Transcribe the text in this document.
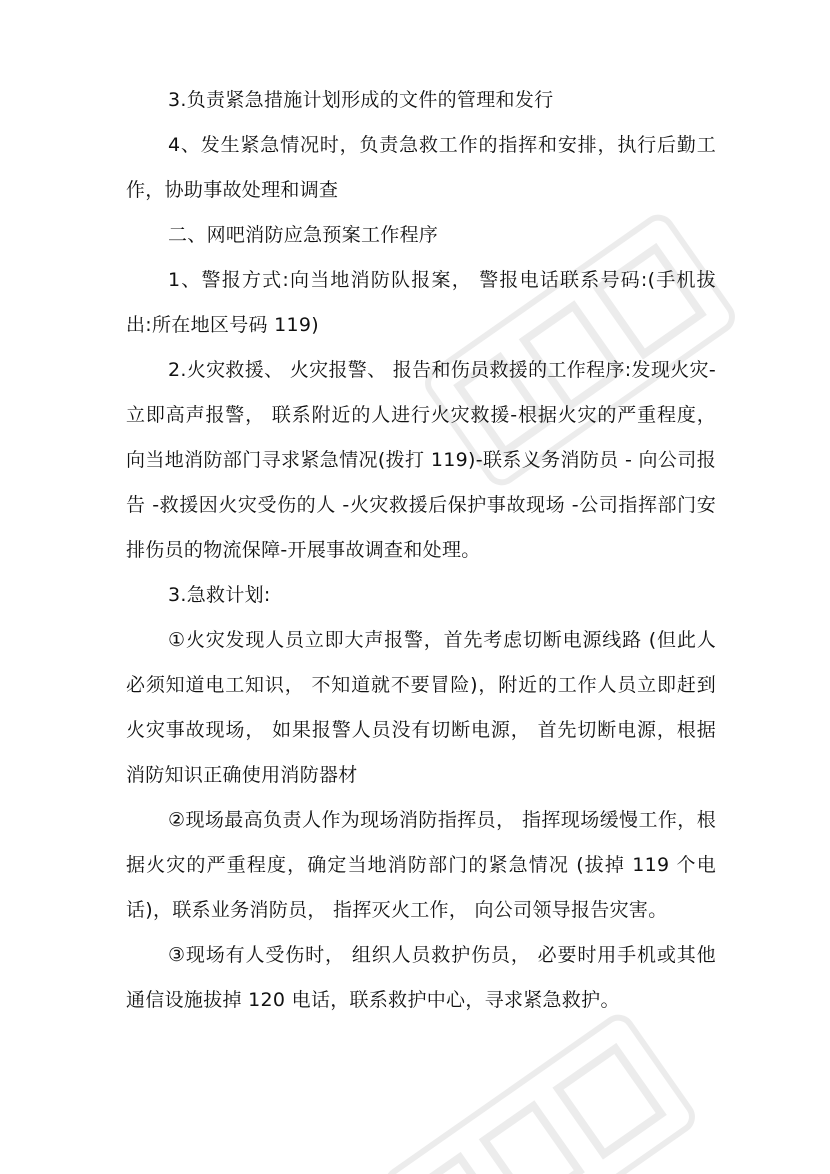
3.负责紧急措施计划形成的文件的管理和发行

4、发生紧急情况时，负责急救工作的指挥和安排，执行后勤工作，协助事故处理和调查

二、网吧消防应急预案工作程序

1、警报方式:向当地消防队报案， 警报电话联系号码:(手机拔出:所在地区号码 119)

2.火灾救援、 火灾报警、 报告和伤员救援的工作程序:发现火灾-立即高声报警， 联系附近的人进行火灾救援-根据火灾的严重程度， 向当地消防部门寻求紧急情况(拨打 119)-联系义务消防员 - 向公司报告 -救援因火灾受伤的人 -火灾救援后保护事故现场 -公司指挥部门安排伤员的物流保障-开展事故调查和处理。

3.急救计划:

①火灾发现人员立即大声报警，首先考虑切断电源线路 (但此人必须知道电工知识， 不知道就不要冒险)，附近的工作人员立即赶到火灾事故现场， 如果报警人员没有切断电源， 首先切断电源，根据消防知识正确使用消防器材

②现场最高负责人作为现场消防指挥员， 指挥现场缓慢工作，根据火灾的严重程度，确定当地消防部门的紧急情况 (拔掉 119 个电话)，联系业务消防员， 指挥灭火工作， 向公司领导报告灾害。

③现场有人受伤时， 组织人员救护伤员， 必要时用手机或其他通信设施拔掉 120 电话，联系救护中心，寻求紧急救护。
